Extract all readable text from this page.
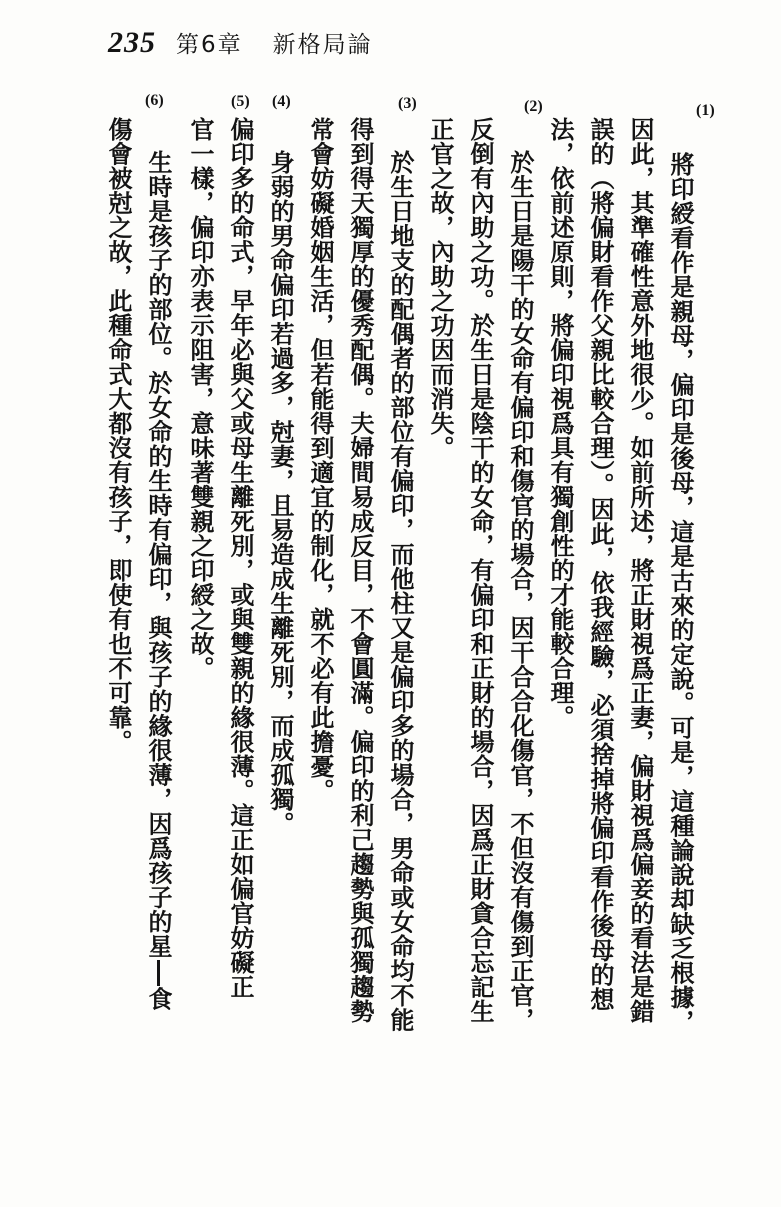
235 第6章 新格局論
(1)
(2)
(3)
(4)
(5)
(6)
將印綬看作是親母，偏印是後母，這是古來的定說。可是，這種論說却缺乏根據，
因此，其準確性意外地很少。如前所述，將正財視爲正妻，偏財視爲偏妾的看法是錯
誤的（將偏財看作父親比較合理）。因此，依我經驗，必須捨掉將偏印看作後母的想
法，依前述原則，將偏印視爲具有獨創性的才能較合理。
於生日是陽干的女命有偏印和傷官的場合，因干合合化傷官，不但沒有傷到正官，
反倒有內助之功。於生日是陰干的女命，有偏印和正財的場合，因爲正財貪合忘記生
正官之故，內助之功因而消失。
於生日地支的配偶者的部位有偏印，而他柱又是偏印多的場合，男命或女命均不能
得到得天獨厚的優秀配偶。夫婦間易成反目，不會圓滿。偏印的利己趨勢與孤獨趨勢
常會妨礙婚姻生活，但若能得到適宜的制化，就不必有此擔憂。
身弱的男命偏印若過多，尅妻，且易造成生離死別，而成孤獨。
偏印多的命式，早年必與父或母生離死別，或與雙親的緣很薄。這正如偏官妨礙正
官一樣，偏印亦表示阻害，意味著雙親之印綬之故。
生時是孩子的部位。於女命的生時有偏印，與孩子的緣很薄，因爲孩子的星食
傷會被尅之故，此種命式大都沒有孩子，即使有也不可靠。
